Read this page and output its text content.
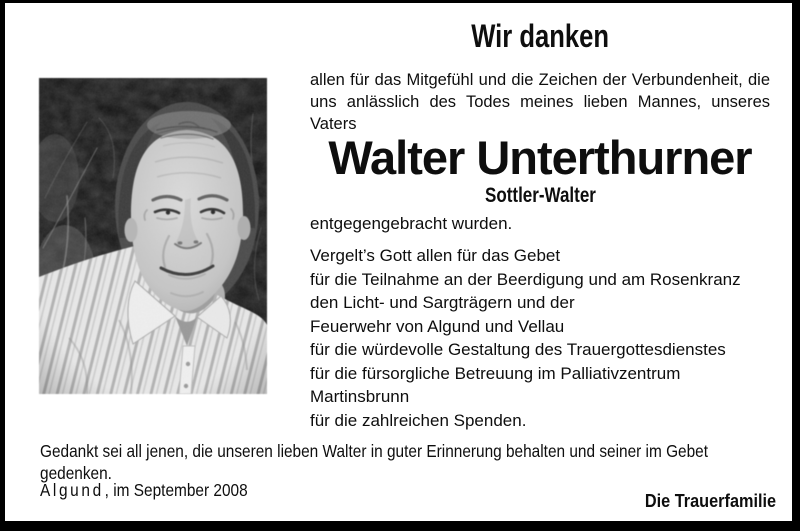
Wir danken
allen für das Mitgefühl und die Zeichen der Verbundenheit, die
uns anlässlich des Todes meines lieben Mannes, unseres
Vaters
Walter Unterthurner
Sottler-Walter
entgegengebracht wurden.
Vergelt’s Gott allen für das Gebet
für die Teilnahme an der Beerdigung und am Rosenkranz
den Licht- und Sargträgern und der
Feuerwehr von Algund und Vellau
für die würdevolle Gestaltung des Trauergottesdienstes
für die fürsorgliche Betreuung im Palliativzentrum
Martinsbrunn
für die zahlreichen Spenden.
Gedankt sei all jenen, die unseren lieben Walter in guter Erinnerung behalten und seiner im Gebet
gedenken.
Algund, im September 2008	Die Trauerfamilie
